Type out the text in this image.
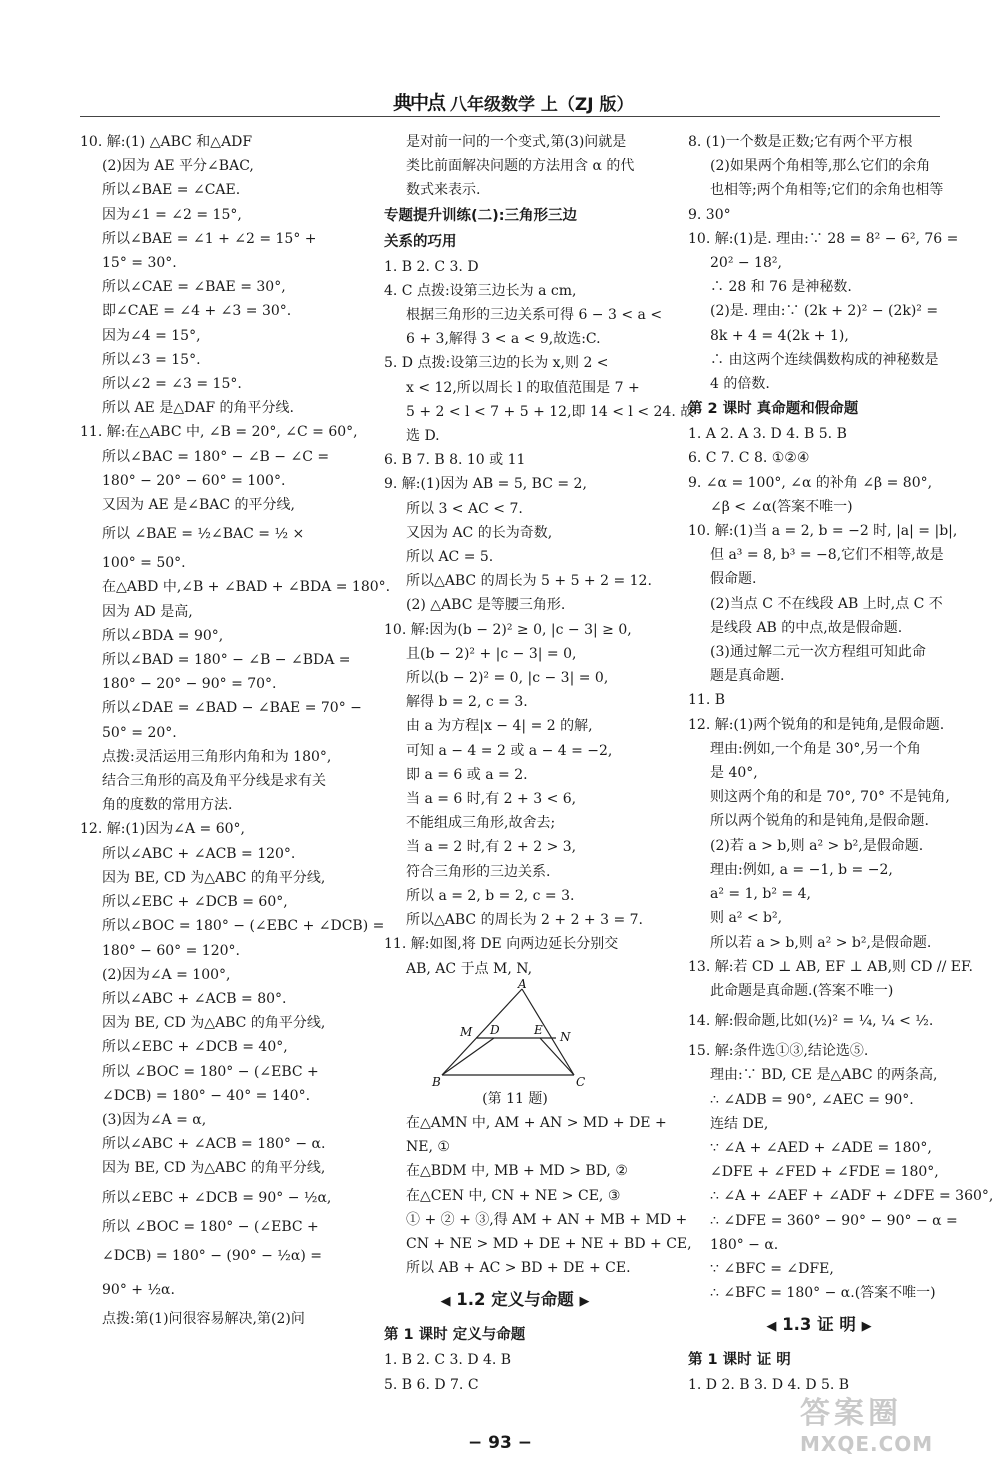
典中点 八年级数学 上（ZJ 版）
10. 解:(1) △ABC 和△ADF
(2)因为 AE 平分∠BAC,
所以∠BAE = ∠CAE.
因为∠1 = ∠2 = 15°,
所以∠BAE = ∠1 + ∠2 = 15° +
15° = 30°.
所以∠CAE = ∠BAE = 30°,
即∠CAE = ∠4 + ∠3 = 30°.
因为∠4 = 15°,
所以∠3 = 15°.
所以∠2 = ∠3 = 15°.
所以 AE 是△DAF 的角平分线.
11. 解:在△ABC 中, ∠B = 20°, ∠C = 60°,
所以∠BAC = 180° − ∠B − ∠C =
180° − 20° − 60° = 100°.
又因为 AE 是∠BAC 的平分线,
所以 ∠BAE = ½∠BAC = ½ ×
100° = 50°.
在△ABD 中,∠B + ∠BAD + ∠BDA = 180°.
因为 AD 是高,
所以∠BDA = 90°,
所以∠BAD = 180° − ∠B − ∠BDA =
180° − 20° − 90° = 70°.
所以∠DAE = ∠BAD − ∠BAE = 70° −
50° = 20°.
点拨:灵活运用三角形内角和为 180°,
结合三角形的高及角平分线是求有关
角的度数的常用方法.
12. 解:(1)因为∠A = 60°,
所以∠ABC + ∠ACB = 120°.
因为 BE, CD 为△ABC 的角平分线,
所以∠EBC + ∠DCB = 60°,
所以∠BOC = 180° − (∠EBC + ∠DCB) =
180° − 60° = 120°.
(2)因为∠A = 100°,
所以∠ABC + ∠ACB = 80°.
因为 BE, CD 为△ABC 的角平分线,
所以∠EBC + ∠DCB = 40°,
所以 ∠BOC = 180° − (∠EBC +
∠DCB) = 180° − 40° = 140°.
(3)因为∠A = α,
所以∠ABC + ∠ACB = 180° − α.
因为 BE, CD 为△ABC 的角平分线,
所以∠EBC + ∠DCB = 90° − ½α,
所以 ∠BOC = 180° − (∠EBC +
∠DCB) = 180° − (90° − ½α) =
90° + ½α.
点拨:第(1)问很容易解决,第(2)问
是对前一问的一个变式,第(3)问就是
类比前面解决问题的方法用含 α 的代
数式来表示.
专题提升训练(二):三角形三边
关系的巧用
1. B 2. C 3. D
4. C 点拨:设第三边长为 a cm,
根据三角形的三边关系可得 6 − 3 < a <
6 + 3,解得 3 < a < 9,故选:C.
5. D 点拨:设第三边的长为 x,则 2 <
x < 12,所以周长 l 的取值范围是 7 +
5 + 2 < l < 7 + 5 + 12,即 14 < l < 24. 故
选 D.
6. B 7. B 8. 10 或 11
9. 解:(1)因为 AB = 5, BC = 2,
所以 3 < AC < 7.
又因为 AC 的长为奇数,
所以 AC = 5.
所以△ABC 的周长为 5 + 5 + 2 = 12.
(2) △ABC 是等腰三角形.
10. 解:因为(b − 2)² ≥ 0, |c − 3| ≥ 0,
且(b − 2)² + |c − 3| = 0,
所以(b − 2)² = 0, |c − 3| = 0,
解得 b = 2, c = 3.
由 a 为方程|x − 4| = 2 的解,
可知 a − 4 = 2 或 a − 4 = −2,
即 a = 6 或 a = 2.
当 a = 6 时,有 2 + 3 < 6,
不能组成三角形,故舍去;
当 a = 2 时,有 2 + 2 > 3,
符合三角形的三边关系.
所以 a = 2, b = 2, c = 3.
所以△ABC 的周长为 2 + 2 + 3 = 7.
11. 解:如图,将 DE 向两边延长分别交
AB, AC 于点 M, N,
A
M D	E N
B	C
(第 11 题)
在△AMN 中, AM + AN > MD + DE +
NE, ①
在△BDM 中, MB + MD > BD, ②
在△CEN 中, CN + NE > CE, ③
① + ② + ③,得 AM + AN + MB + MD +
CN + NE > MD + DE + NE + BD + CE,
所以 AB + AC > BD + DE + CE.
◀ 1.2 定义与命题 ▶
第 1 课时 定义与命题
1. B 2. C 3. D 4. B
5. B 6. D 7. C
8. (1)一个数是正数;它有两个平方根
(2)如果两个角相等,那么它们的余角
也相等;两个角相等;它们的余角也相等
9. 30°
10. 解:(1)是. 理由:∵ 28 = 8² − 6², 76 =
20² − 18²,
∴ 28 和 76 是神秘数.
(2)是. 理由:∵ (2k + 2)² − (2k)² =
8k + 4 = 4(2k + 1),
∴ 由这两个连续偶数构成的神秘数是
4 的倍数.
第 2 课时 真命题和假命题
1. A 2. A 3. D 4. B 5. B
6. C 7. C 8. ①②④
9. ∠α = 100°, ∠α 的补角 ∠β = 80°,
∠β < ∠α(答案不唯一)
10. 解:(1)当 a = 2, b = −2 时, |a| = |b|,
但 a³ = 8, b³ = −8,它们不相等,故是
假命题.
(2)当点 C 不在线段 AB 上时,点 C 不
是线段 AB 的中点,故是假命题.
(3)通过解二元一次方程组可知此命
题是真命题.
11. B
12. 解:(1)两个锐角的和是钝角,是假命题.
理由:例如,一个角是 30°,另一个角
是 40°,
则这两个角的和是 70°, 70° 不是钝角,
所以两个锐角的和是钝角,是假命题.
(2)若 a > b,则 a² > b²,是假命题.
理由:例如, a = −1, b = −2,
a² = 1, b² = 4,
则 a² < b²,
所以若 a > b,则 a² > b²,是假命题.
13. 解:若 CD ⊥ AB, EF ⊥ AB,则 CD // EF.
此命题是真命题.(答案不唯一)
14. 解:假命题,比如(½)² = ¼, ¼ < ½.
15. 解:条件选①③,结论选⑤.
理由:∵ BD, CE 是△ABC 的两条高,
∴ ∠ADB = 90°, ∠AEC = 90°.
连结 DE,
∵ ∠A + ∠AED + ∠ADE = 180°,
∠DFE + ∠FED + ∠FDE = 180°,
∴ ∠A + ∠AEF + ∠ADF + ∠DFE = 360°,
∴ ∠DFE = 360° − 90° − 90° − α =
180° − α.
∵ ∠BFC = ∠DFE,
∴ ∠BFC = 180° − α.(答案不唯一)
◀ 1.3 证 明 ▶
第 1 课时 证 明
1. D 2. B 3. D 4. D 5. B
− 93 −
答案圈
MXQE.COM
